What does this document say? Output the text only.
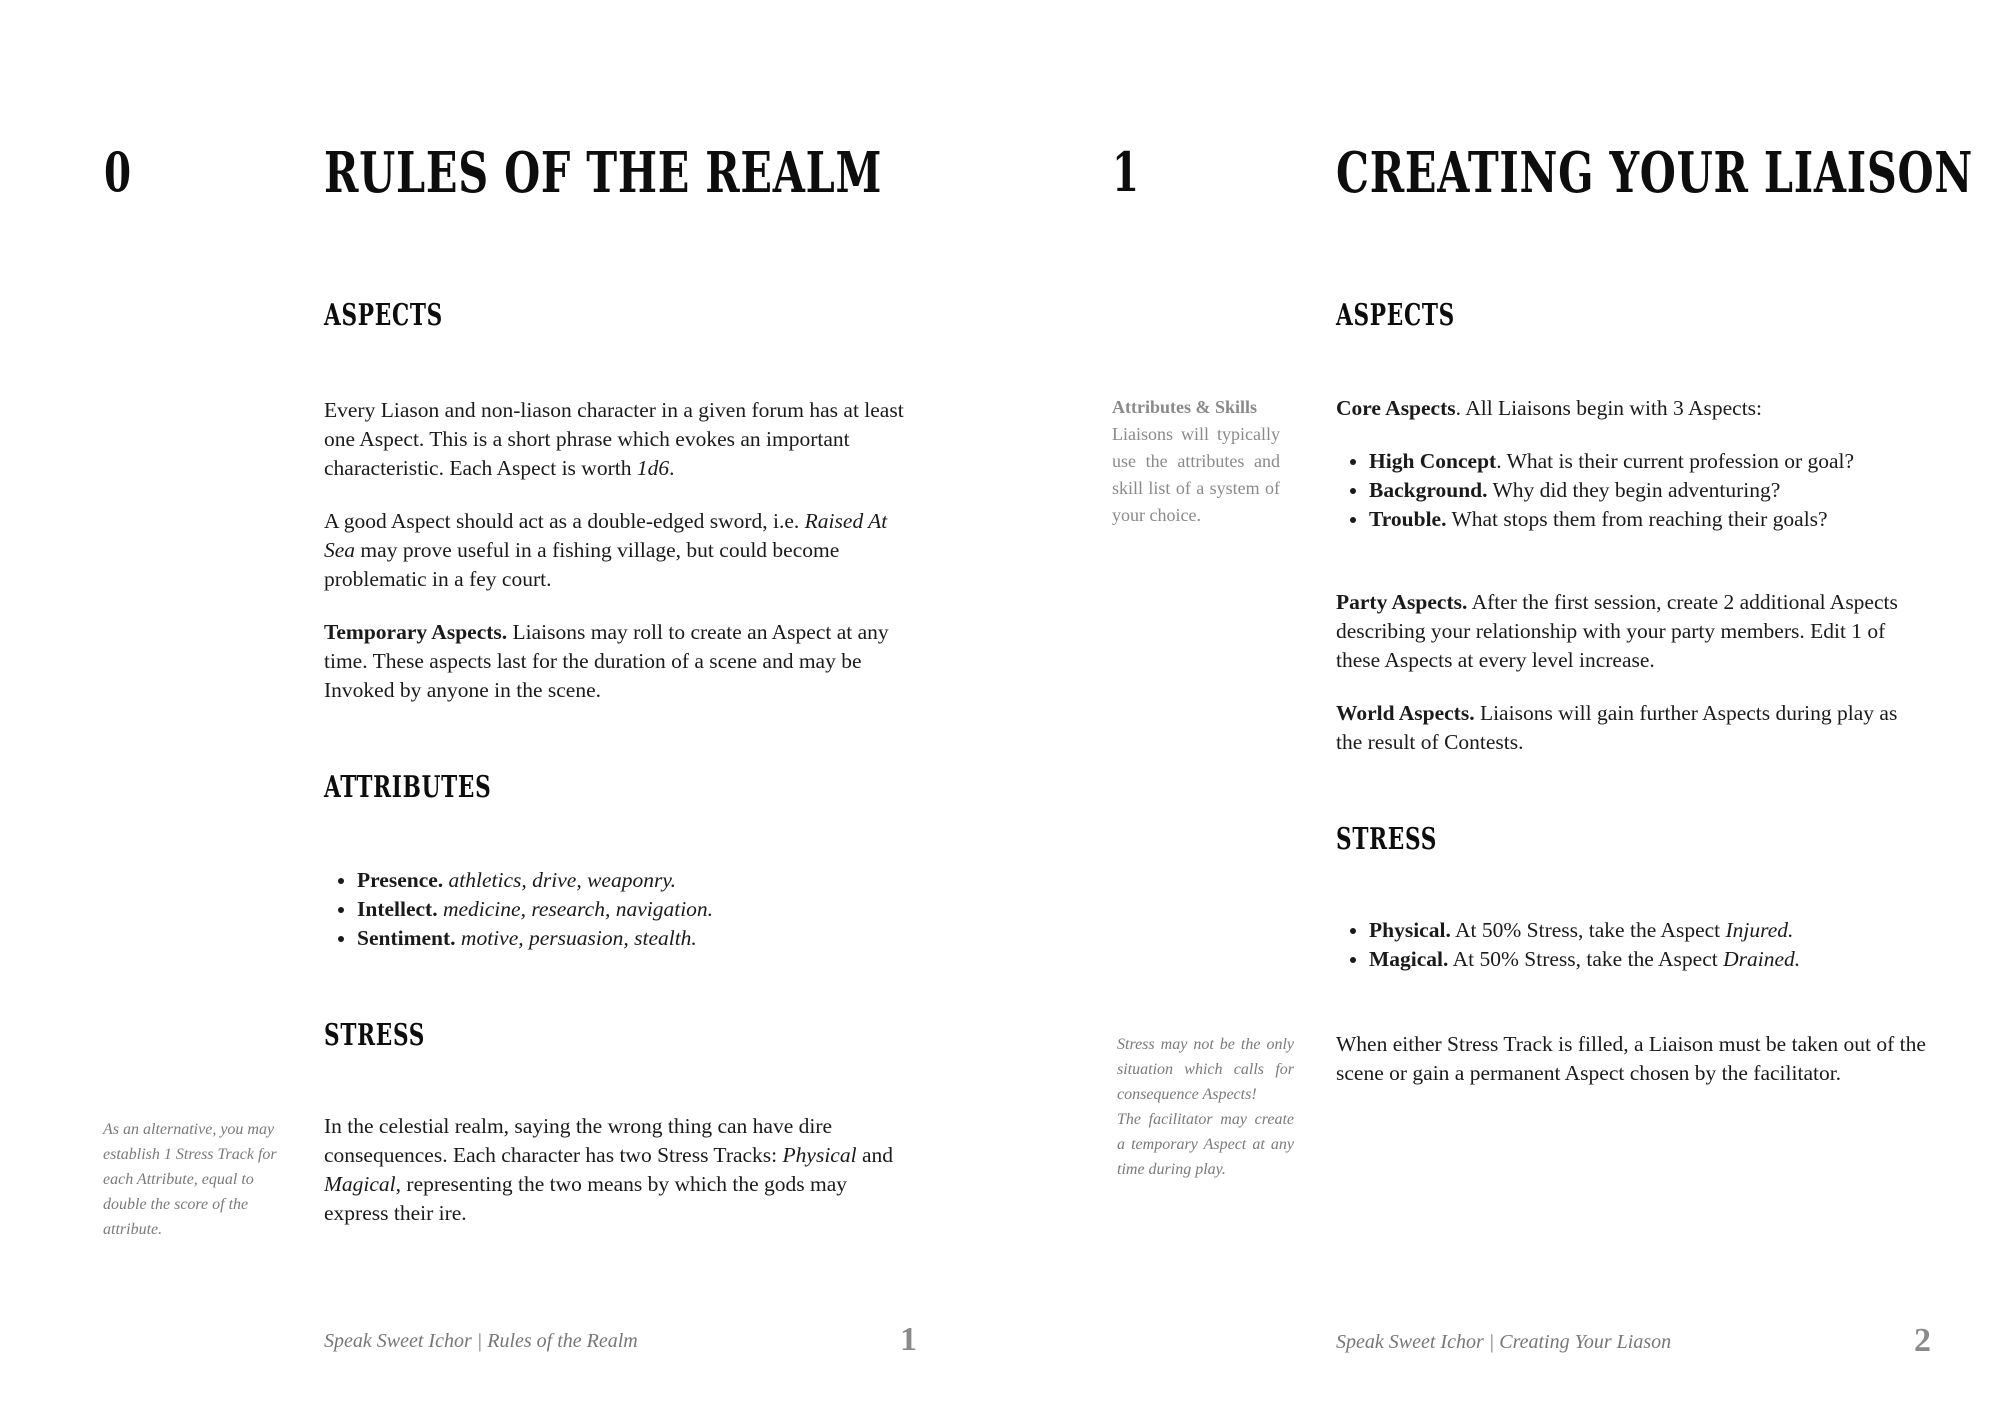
0	RULES OF THE REALM
ASPECTS

Every Liason and non-liason character in a given forum has at least one Aspect. This is a short phrase which evokes an important characteristic. Each Aspect is worth 1d6.

A good Aspect should act as a double-edged sword, i.e. Raised At Sea may prove useful in a fishing village, but could become problematic in a fey court.

Temporary Aspects. Liaisons may roll to create an Aspect at any time. These aspects last for the duration of a scene and may be Invoked by anyone in the scene.

ATTRIBUTES
• Presence. athletics, drive, weaponry.
• Intellect. medicine, research, navigation.
• Sentiment. motive, persuasion, stealth.
STRESS

In the celestial realm, saying the wrong thing can have dire consequences. Each character has two Stress Tracks: Physical and Magical, representing the two means by which the gods may express their ire.

As an alternative, you may establish 1 Stress Track for each Attribute, equal to double the score of the attribute.
Speak Sweet Ichor | Rules of the Realm	1
1	CREATING YOUR LIAISON
ASPECTS
Attributes & Skills
Liaisons will typically use the attributes and skill list of a system of your choice.

Core Aspects. All Liaisons begin with 3 Aspects:

• High Concept. What is their current profession or goal?
• Background. Why did they begin adventuring?
• Trouble. What stops them from reaching their goals?

Party Aspects. After the first session, create 2 additional Aspects describing your relationship with your party members. Edit 1 of these Aspects at every level increase.

World Aspects. Liaisons will gain further Aspects during play as the result of Contests.

STRESS
• Physical. At 50% Stress, take the Aspect Injured.
• Magical. At 50% Stress, take the Aspect Drained.
When either Stress Track is filled, a Liaison must be taken out of the scene or gain a permanent Aspect chosen by the facilitator.
Stress may not be the only situation which calls for consequence Aspects!
The facilitator may create a temporary Aspect at any time during play.
Speak Sweet Ichor | Creating Your Liason	2
